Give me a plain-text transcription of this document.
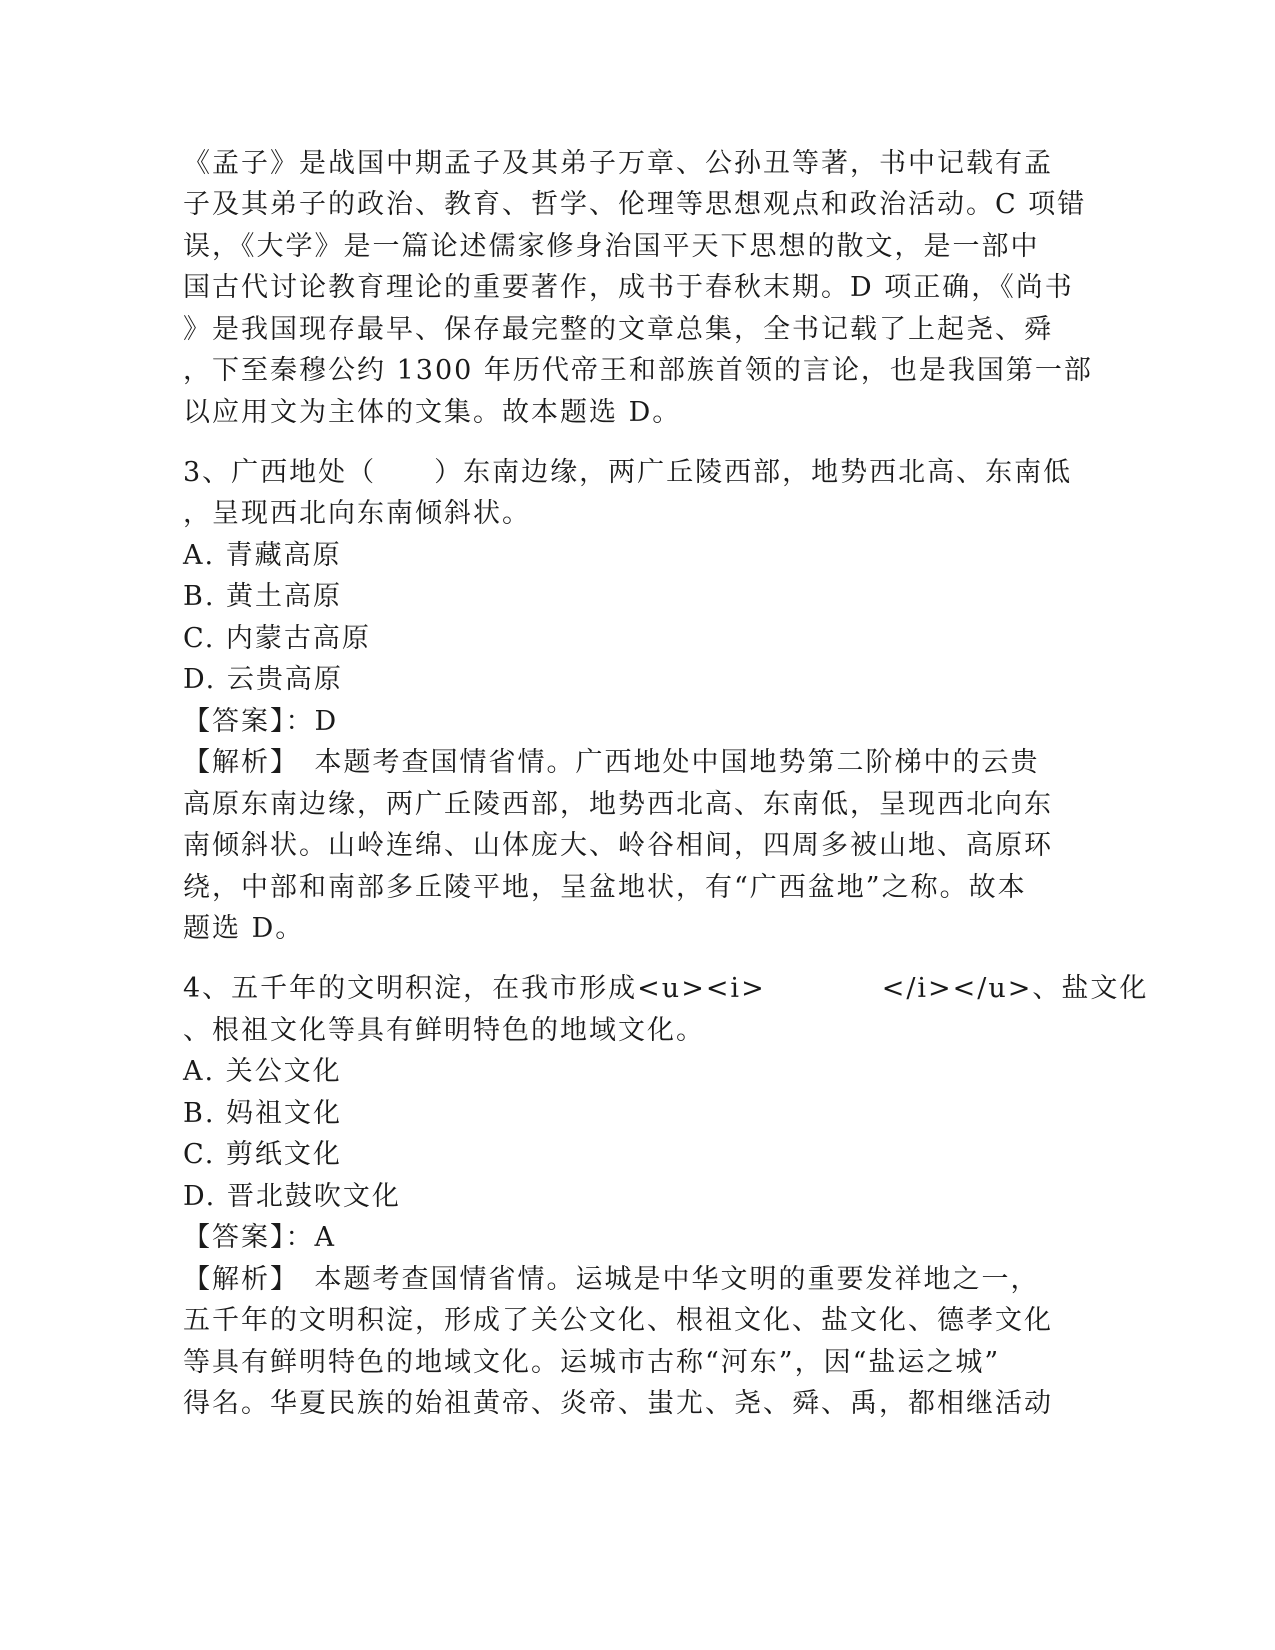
《孟子》是战国中期孟子及其弟子万章、公孙丑等著，书中记载有孟
子及其弟子的政治、教育、哲学、伦理等思想观点和政治活动。C 项错
误，《大学》是一篇论述儒家修身治国平天下思想的散文，是一部中
国古代讨论教育理论的重要著作，成书于春秋末期。D 项正确，《尚书
》是我国现存最早、保存最完整的文章总集，全书记载了上起尧、舜
，下至秦穆公约 1300 年历代帝王和部族首领的言论，也是我国第一部
以应用文为主体的文集。故本题选 D。
3、广西地处（　　）东南边缘，两广丘陵西部，地势西北高、东南低
，呈现西北向东南倾斜状。
A. 青藏高原
B. 黄土高原
C. 内蒙古高原
D. 云贵高原
【答案】：D
【解析】　本题考查国情省情。广西地处中国地势第二阶梯中的云贵
高原东南边缘，两广丘陵西部，地势西北高、东南低，呈现西北向东
南倾斜状。山岭连绵、山体庞大、岭谷相间，四周多被山地、高原环
绕，中部和南部多丘陵平地，呈盆地状，有“广西盆地”之称。故本
题选 D。
4、五千年的文明积淀，在我市形成<u><i>　　　　</i></u>、盐文化
、根祖文化等具有鲜明特色的地域文化。
A. 关公文化
B. 妈祖文化
C. 剪纸文化
D. 晋北鼓吹文化
【答案】：A
【解析】　本题考查国情省情。运城是中华文明的重要发祥地之一，
五千年的文明积淀，形成了关公文化、根祖文化、盐文化、德孝文化
等具有鲜明特色的地域文化。运城市古称“河东”，因“盐运之城”
得名。华夏民族的始祖黄帝、炎帝、蚩尤、尧、舜、禹，都相继活动
